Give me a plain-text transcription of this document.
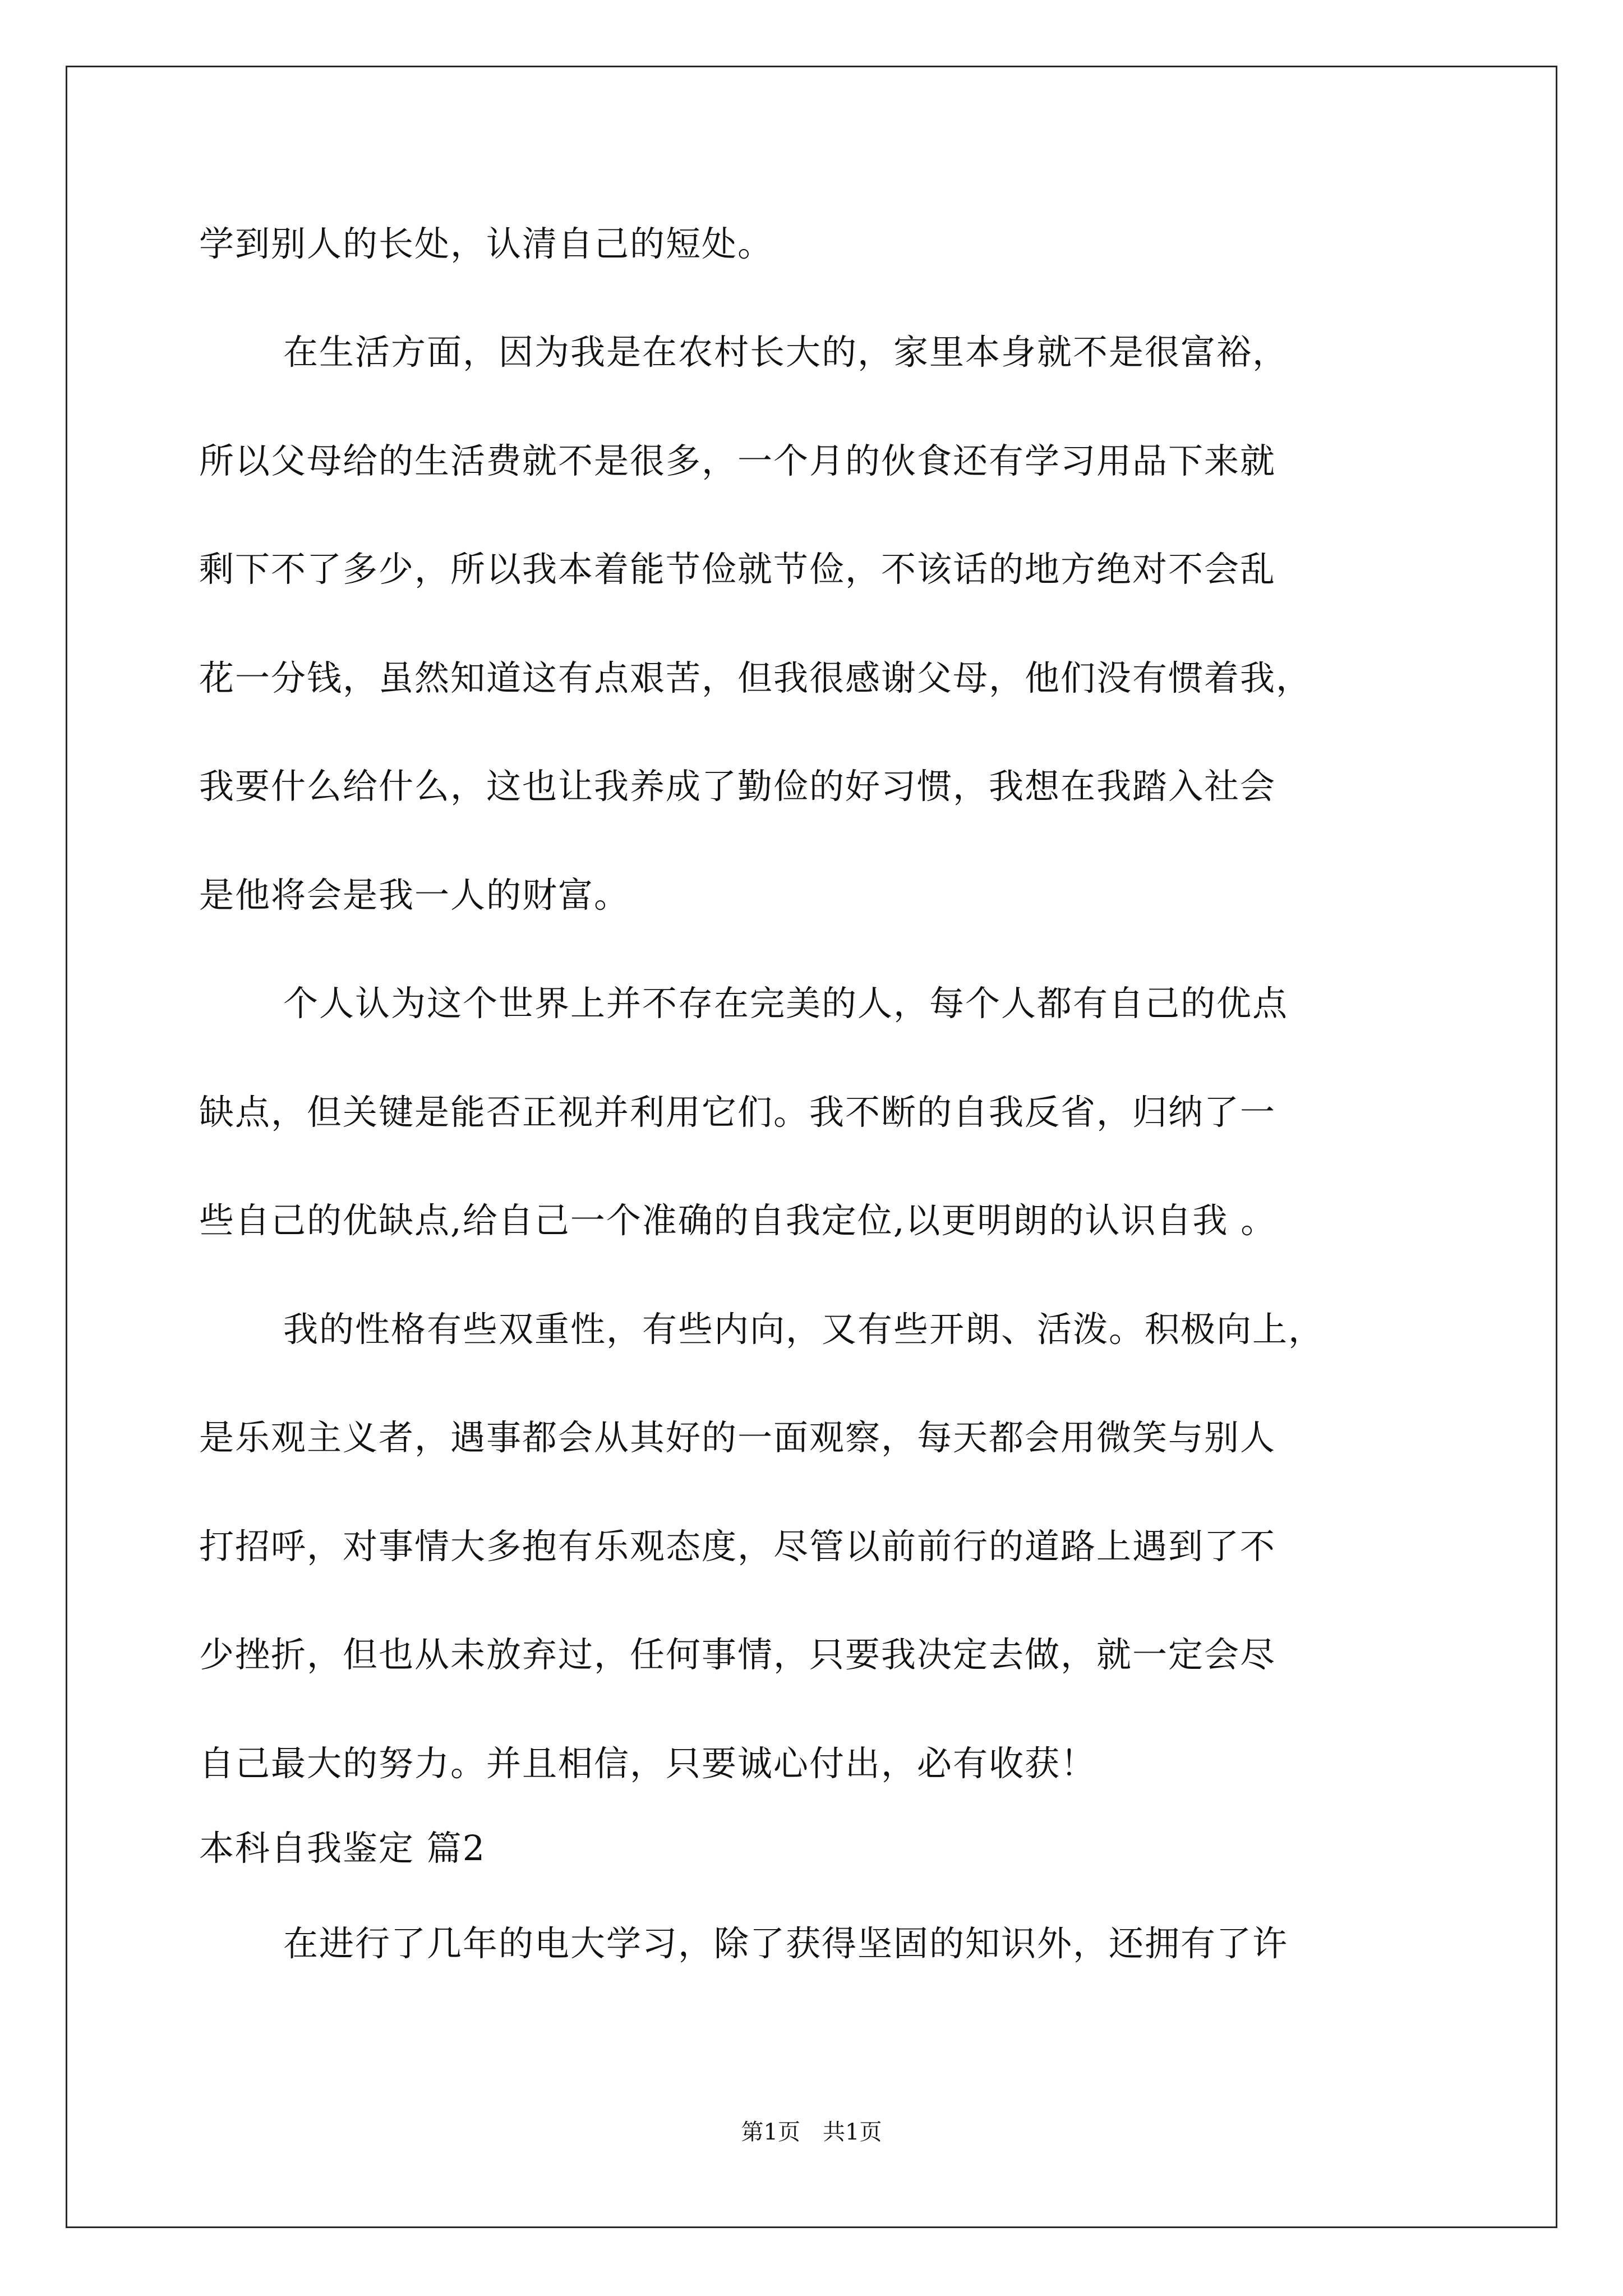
学到别人的长处，认清自己的短处。
在生活方面，因为我是在农村长大的，家里本身就不是很富裕，
所以父母给的生活费就不是很多，一个月的伙食还有学习用品下来就
剩下不了多少，所以我本着能节俭就节俭，不该话的地方绝对不会乱
花一分钱，虽然知道这有点艰苦，但我很感谢父母，他们没有惯着我，
我要什么给什么，这也让我养成了勤俭的好习惯，我想在我踏入社会
是他将会是我一人的财富。
个人认为这个世界上并不存在完美的人，每个人都有自己的优点
缺点，但关键是能否正视并利用它们。我不断的自我反省，归纳了一
些自己的优缺点,给自己一个准确的自我定位,以更明朗的认识自我 。
我的性格有些双重性，有些内向，又有些开朗、活泼。积极向上，
是乐观主义者，遇事都会从其好的一面观察，每天都会用微笑与别人
打招呼，对事情大多抱有乐观态度，尽管以前前行的道路上遇到了不
少挫折，但也从未放弃过，任何事情，只要我决定去做，就一定会尽
自己最大的努力。并且相信，只要诚心付出，必有收获！
本科自我鉴定 篇2
在进行了几年的电大学习，除了获得坚固的知识外，还拥有了许
第1页　共1页
